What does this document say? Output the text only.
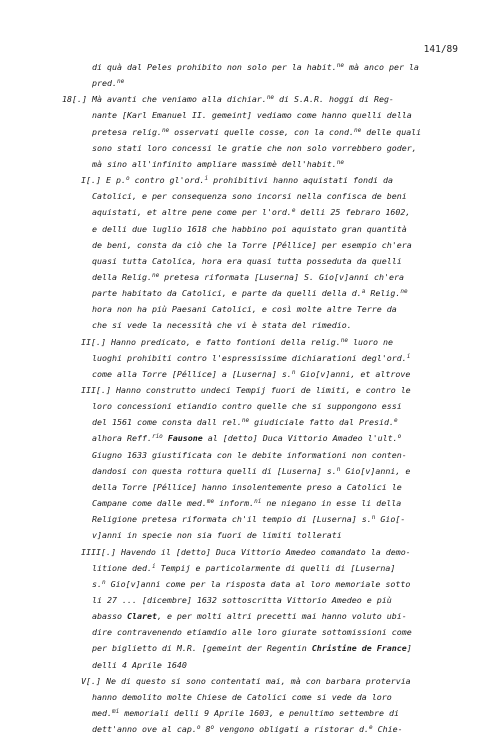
141/89
di quà dal Peles prohibito non solo per la habit.$^{ne}$ mà anco per la
pred.$^{ne}$
18[.] Mà avanti che veniamo alla dichiar.$^{ne}$ di S.A.R. hoggi di Reg-
nante [Karl Emanuel II. gemeint] vediamo come hanno quelli della
pretesa relig.$^{ne}$ osservati quelle cosse, con la cond.$^{ne}$ delle quali
sono stati loro concessi le gratie che non solo vorrebbero goder,
mà sino all'infinito ampliare massimè dell'habit.$^{ne}$
I[.] E p.$^o$ contro gl'ord.$^i$ prohibitivi hanno aquistati fondi da
Catolici, e per consequenza sono incorsi nella confisca de beni
aquistati, et altre pene come per l'ord.$^e$ delli 25 febraro 1602,
e delli due luglio 1618 che habbino poi aquistato gran quantità
de beni, consta da ciò che la Torre [Péllice] per esempio ch'era
quasi tutta Catolica, hora era quasi tutta posseduta da quelli
della Relig.$^{ne}$ pretesa riformata [Luserna] S. Gio[v]anni ch'era
parte habitato da Catolici, e parte da quelli della d.$^a$ Relig.$^{ne}$
hora non ha più Paesani Catolici, e così molte altre Terre da
che si vede la necessità che vi è stata del rimedio.
II[.] Hanno predicato, e fatto fontioni della relig.$^{ne}$ luoro ne
luoghi prohibiti contro l'espressissime dichiarationi degl'ord.$^i$
come alla Torre [Péllice] a [Luserna] s.$^n$ Gio[v]anni, et altrove
III[.] Hanno construtto undeci Tempij fuori de limiti, e contro le
loro concessioni etiandio contro quelle che si suppongono essi
del 1561 come consta dall rel.$^{ne}$ giudiciale fatto dal Presid.$^e$
alhora Reff.$^{rio}$ Fausone al [detto] Duca Vittorio Amadeo l'ult.$^o$
Giugno 1633 giustificata con le debite informationi non conten-
dandosi con questa rottura quelli di [Luserna] s.$^n$ Gio[v]anni, e
della Torre [Péllice] hanno insolentemente preso a Catolici le
Campane come dalle med.$^{me}$ inform.$^{ni}$ ne niegano in esse li della
Religione pretesa riformata ch'il tempio di [Luserna] s.$^n$ Gio[-
v]anni in specie non sia fuori de limiti tollerati
IIII[.] Havendo il [detto] Duca Vittorio Amedeo comandato la demo-
litione ded.$^i$ Tempij e particolarmente di quelli di [Luserna]
s.$^n$ Gio[v]anni come per la risposta data al loro memoriale sotto
li 27 ... [dicembre] 1632 sottoscritta Vittorio Amedeo e più
abasso Claret, e per molti altri precetti mai hanno voluto ubi-
dire contravenendo etiamdio alle loro giurate sottomissioni come
per biglietto di M.R. [gemeint der Regentin Christine de France]
delli 4 Aprile 1640
V[.] Ne di questo si sono contentati mai, mà con barbara protervia
hanno demolito molte Chiese de Catolici come si vede da loro
med.$^{mi}$ memoriali delli 9 Aprile 1603, e penultimo settembre di
dett'anno ove al cap.$^o$ 8$^o$ vengono obligati a ristorar d.$^e$ Chie-
